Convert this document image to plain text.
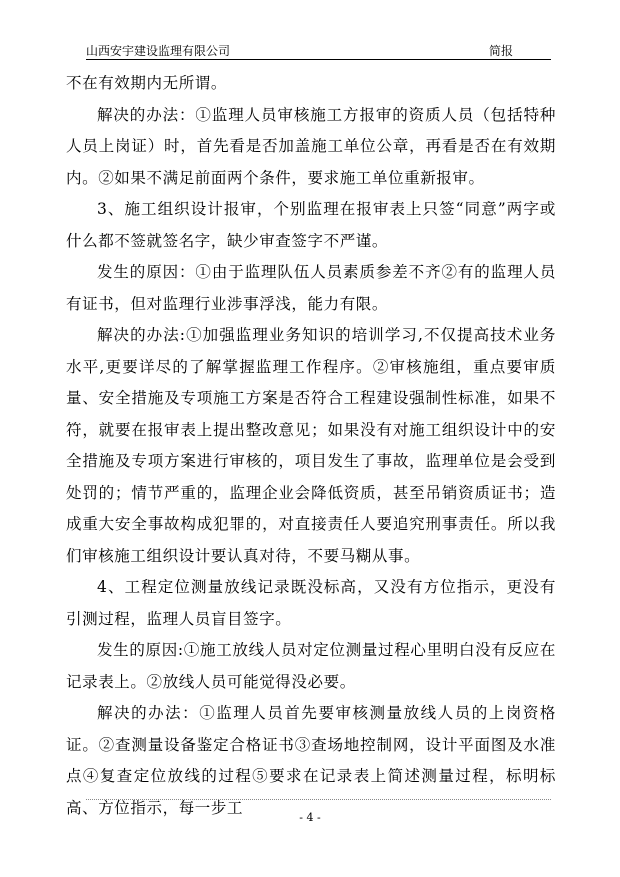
山西安宇建设监理有限公司	简报

不在有效期内无所谓。

解决的办法：①监理人员审核施工方报审的资质人员（包括特种人员上岗证）时，首先看是否加盖施工单位公章，再看是否在有效期内。②如果不满足前面两个条件，要求施工单位重新报审。

3、施工组织设计报审，个别监理在报审表上只签“同意”两字或什么都不签就签名字，缺少审查签字不严谨。

发生的原因：①由于监理队伍人员素质参差不齐②有的监理人员有证书，但对监理行业涉事浮浅，能力有限。

解决的办法:①加强监理业务知识的培训学习,不仅提高技术业务水平,更要详尽的了解掌握监理工作程序。②审核施组，重点要审质量、安全措施及专项施工方案是否符合工程建设强制性标准，如果不符，就要在报审表上提出整改意见；如果没有对施工组织设计中的安全措施及专项方案进行审核的，项目发生了事故，监理单位是会受到处罚的；情节严重的，监理企业会降低资质，甚至吊销资质证书；造成重大安全事故构成犯罪的，对直接责任人要追究刑事责任。所以我们审核施工组织设计要认真对待，不要马糊从事。

4、工程定位测量放线记录既没标高，又没有方位指示，更没有引测过程，监理人员盲目签字。

发生的原因:①施工放线人员对定位测量过程心里明白没有反应在记录表上。②放线人员可能觉得没必要。

解决的办法：①监理人员首先要审核测量放线人员的上岗资格证。②查测量设备鉴定合格证书③查场地控制网，设计平面图及水准点④复查定位放线的过程⑤要求在记录表上简述测量过程，标明标高、方位指示，每一步工

- 4 -
